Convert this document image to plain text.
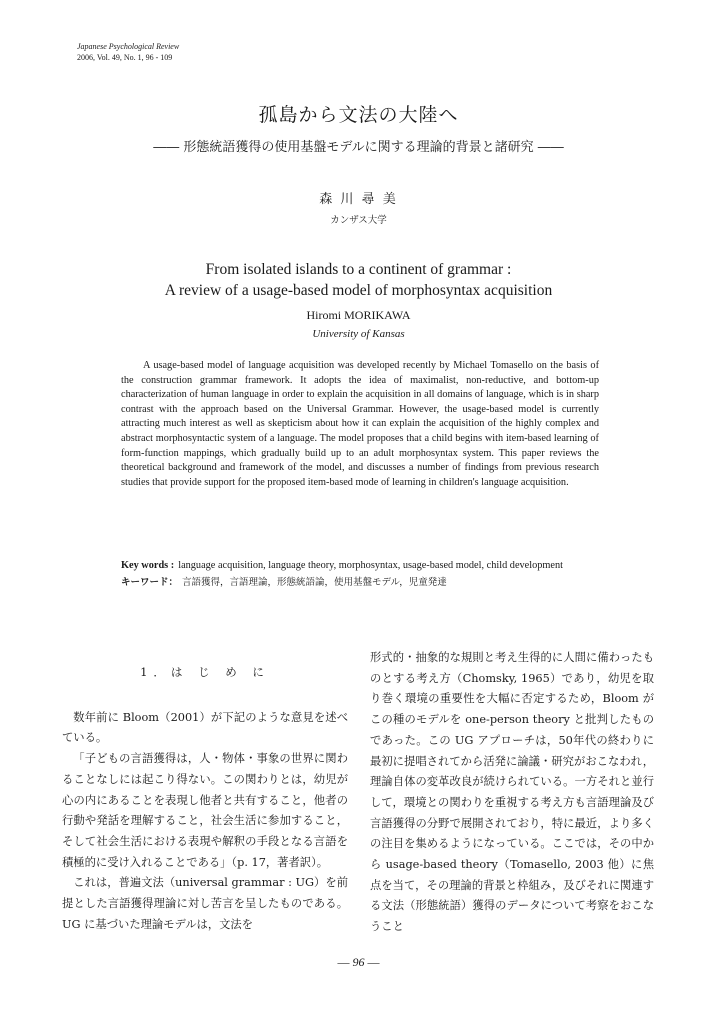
Japanese Psychological Review
2006, Vol. 49, No. 1, 96 - 109
孤島から文法の大陸へ
―― 形態統語獲得の使用基盤モデルに関する理論的背景と諸研究 ――
森 川 尋 美
カンザス大学
From isolated islands to a continent of grammar :
A review of a usage-based model of morphosyntax acquisition
Hiromi MORIKAWA
University of Kansas

A usage-based model of language acquisition was developed recently by Michael Tomasello on the basis of the construction grammar framework. It adopts the idea of maximalist, non-reductive, and bottom-up characterization of human language in order to explain the acquisition in all domains of language, which is in sharp contrast with the approach based on the Universal Grammar. However, the usage-based model is currently attracting much interest as well as skepticism about how it can explain the acquisition of the highly complex and abstract morphosyntactic system of a language. The model proposes that a child begins with item-based learning of form-function mappings, which gradually build up to an adult morphosyntax system. This paper reviews the theoretical background and framework of the model, and discusses a number of findings from previous research studies that provide support for the proposed item-based mode of learning in children's language acquisition.

Key words : language acquisition, language theory, morphosyntax, usage-based model, child development
キーワード： 言語獲得，言語理論，形態統語論，使用基盤モデル，児童発達
1．は じ め に

数年前に Bloom（2001）が下記のような意見を述べている。

「子どもの言語獲得は，人・物体・事象の世界に関わることなしには起こり得ない。この関わりとは，幼児が心の内にあることを表現し他者と共有すること，他者の行動や発話を理解すること，社会生活に参加すること，そして社会生活における表現や解釈の手段となる言語を積極的に受け入れることである」（p. 17，著者訳）。

これは，普遍文法（universal grammar : UG）を前提とした言語獲得理論に対し苦言を呈したものである。UG に基づいた理論モデルは，文法を

形式的・抽象的な規則と考え生得的に人間に備わったものとする考え方（Chomsky, 1965）であり，幼児を取り巻く環境の重要性を大幅に否定するため，Bloom がこの種のモデルを one-person theory と批判したものであった。この UG アプローチは，50年代の終わりに最初に提唱されてから活発に論議・研究がおこなわれ，理論自体の変革改良が続けられている。一方それと並行して，環境との関わりを重視する考え方も言語理論及び言語獲得の分野で展開されており，特に最近，より多くの注目を集めるようになっている。ここでは，その中から usage-based theory（Tomasello, 2003 他）に焦点を当て，その理論的背景と枠組み，及びそれに関連する文法（形態統語）獲得のデータについて考察をおこなうこと

― 96 ―
